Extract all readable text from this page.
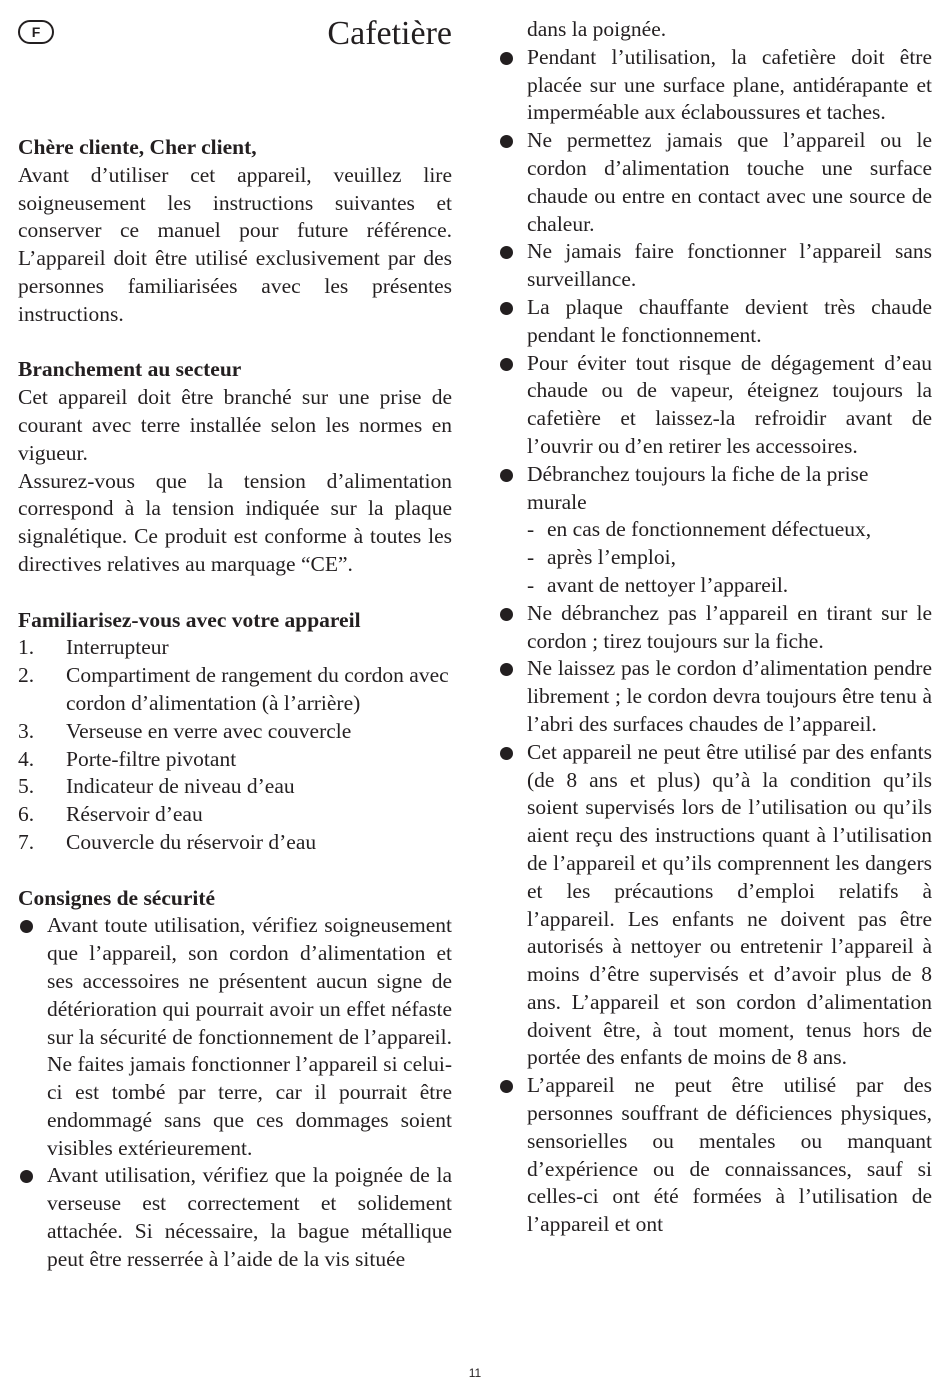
F	Cafetière

Chère cliente, Cher client,

Avant d’utiliser cet appareil, veuillez lire soigneusement les instructions suivantes et conserver ce manuel pour future référence. L’appareil doit être utilisé exclusivement par des personnes familiarisées avec les présentes instructions.

Branchement au secteur

Cet appareil doit être branché sur une prise de courant avec terre installée selon les normes en vigueur.

Assurez-vous que la tension d’alimentation correspond à la tension indiquée sur la plaque signalétique. Ce produit est conforme à toutes les directives relatives au marquage “CE”.

Familiarisez-vous avec votre appareil

1.	Interrupteur
2.	Compartiment de rangement du cordon avec cordon d’alimentation (à l’arrière)
3.	Verseuse en verre avec couvercle
4.	Porte-filtre pivotant
5.	Indicateur de niveau d’eau
6.	Réservoir d’eau
7.	Couvercle du réservoir d’eau

Consignes de sécurité

Avant toute utilisation, vérifiez soigneusement que l’appareil, son cordon d’alimentation et ses accessoires ne présentent aucun signe de détérioration qui pourrait avoir un effet néfaste sur la sécurité de fonctionnement de l’appareil. Ne faites jamais fonctionner l’appareil si celui-ci est tombé par terre, car il pourrait être endommagé sans que ces dommages soient visibles extérieurement.

Avant utilisation, vérifiez que la poignée de la verseuse est correctement et solidement attachée. Si nécessaire, la bague métallique peut être resserrée à l’aide de la vis située

dans la poignée.

Pendant l’utilisation, la cafetière doit être placée sur une surface plane, antidérapante et imperméable aux éclaboussures et taches.

Ne permettez jamais que l’appareil ou le cordon d’alimentation touche une surface chaude ou entre en contact avec une source de chaleur.

Ne jamais faire fonctionner l’appareil sans surveillance.

La plaque chauffante devient très chaude pendant le fonctionnement.

Pour éviter tout risque de dégagement d’eau chaude ou de vapeur, éteignez toujours la cafetière et laissez-la refroidir avant de l’ouvrir ou d’en retirer les accessoires.

Débranchez toujours la fiche de la prise murale

- en cas de fonctionnement défectueux,
- après l’emploi,
- avant de nettoyer l’appareil.

Ne débranchez pas l’appareil en tirant sur le cordon ; tirez toujours sur la fiche.

Ne laissez pas le cordon d’alimentation pendre librement ; le cordon devra toujours être tenu à l’abri des surfaces chaudes de l’appareil.

Cet appareil ne peut être utilisé par des enfants (de 8 ans et plus) qu’à la condition qu’ils soient supervisés lors de l’utilisation ou qu’ils aient reçu des instructions quant à l’utilisation de l’appareil et qu’ils comprennent les dangers et les précautions d’emploi relatifs à l’appareil. Les enfants ne doivent pas être autorisés à nettoyer ou entretenir l’appareil à moins d’être supervisés et d’avoir plus de 8 ans. L’appareil et son cordon d’alimentation doivent être, à tout moment, tenus hors de portée des enfants de moins de 8 ans.

L’appareil ne peut être utilisé par des personnes souffrant de déficiences physiques, sensorielles ou mentales ou manquant d’expérience ou de connaissances, sauf si celles-ci ont été formées à l’utilisation de l’appareil et ont

11
